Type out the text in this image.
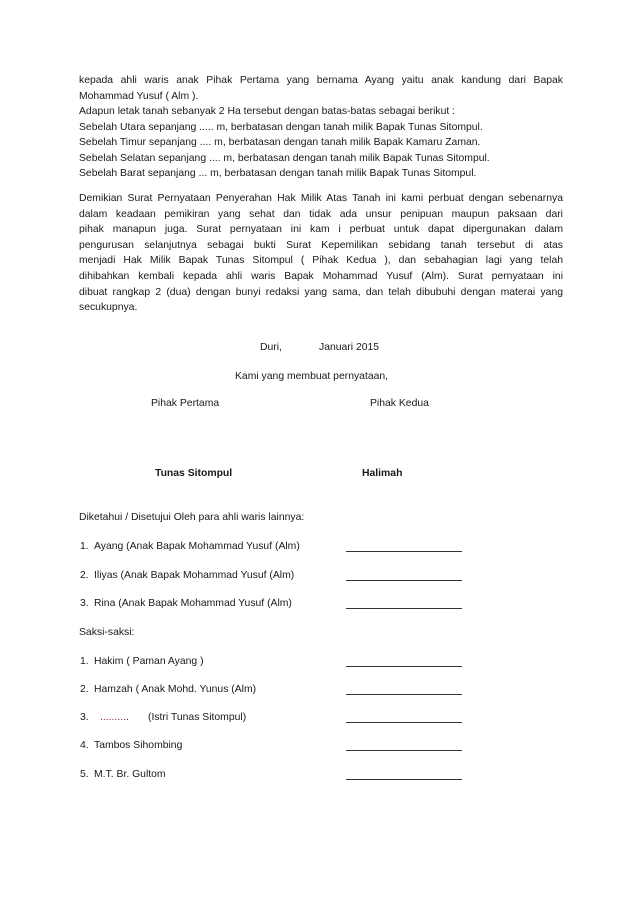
kepada ahli waris anak Pihak Pertama yang bernama Ayang yaitu anak kandung dari Bapak
Mohammad Yusuf ( Alm ).

Adapun letak tanah sebanyak 2 Ha tersebut dengan batas-batas sebagai berikut :
Sebelah Utara sepanjang ..... m, berbatasan dengan tanah milik Bapak Tunas Sitompul.
Sebelah Timur sepanjang .... m, berbatasan dengan tanah milik Bapak Kamaru Zaman.
Sebelah Selatan sepanjang .... m, berbatasan dengan tanah milik Bapak Tunas Sitompul.
Sebelah Barat sepanjang ... m, berbatasan dengan tanah milik Bapak Tunas Sitompul.

Demikian Surat Pernyataan Penyerahan Hak Milik Atas Tanah ini kami perbuat dengan sebenarnya
dalam keadaan pemikiran yang sehat dan tidak ada unsur penipuan maupun paksaan dari
pihak manapun juga. Surat pernyataan ini kam i perbuat untuk dapat dipergunakan dalam
pengurusan selanjutnya sebagai bukti Surat Kepemilikan sebidang tanah tersebut di atas
menjadi Hak Milik Bapak Tunas Sitompul ( Pihak Kedua ), dan sebahagian lagi yang telah
dihibahkan kembali kepada ahli waris Bapak Mohammad Yusuf (Alm). Surat pernyataan ini
dibuat rangkap 2 (dua) dengan bunyi redaksi yang sama, dan telah dibubuhi dengan materai yang
secukupnya.

Duri,	Januari 2015
Kami yang membuat pernyataan,
Pihak Pertama	Pihak Kedua
Tunas Sitompul	Halimah
Diketahui / Disetujui Oleh para ahli waris lainnya:
1. Ayang (Anak Bapak Mohammad Yusuf (Alm)
2. Iliyas (Anak Bapak Mohammad Yusuf (Alm)
3. Rina (Anak Bapak Mohammad Yusuf (Alm)
Saksi-saksi:
1. Hakim ( Paman Ayang )
2. Hamzah ( Anak Mohd. Yunus (Alm)
3. .......... (Istri Tunas Sitompul)
4. Tambos Sihombing
5. M.T. Br. Gultom
